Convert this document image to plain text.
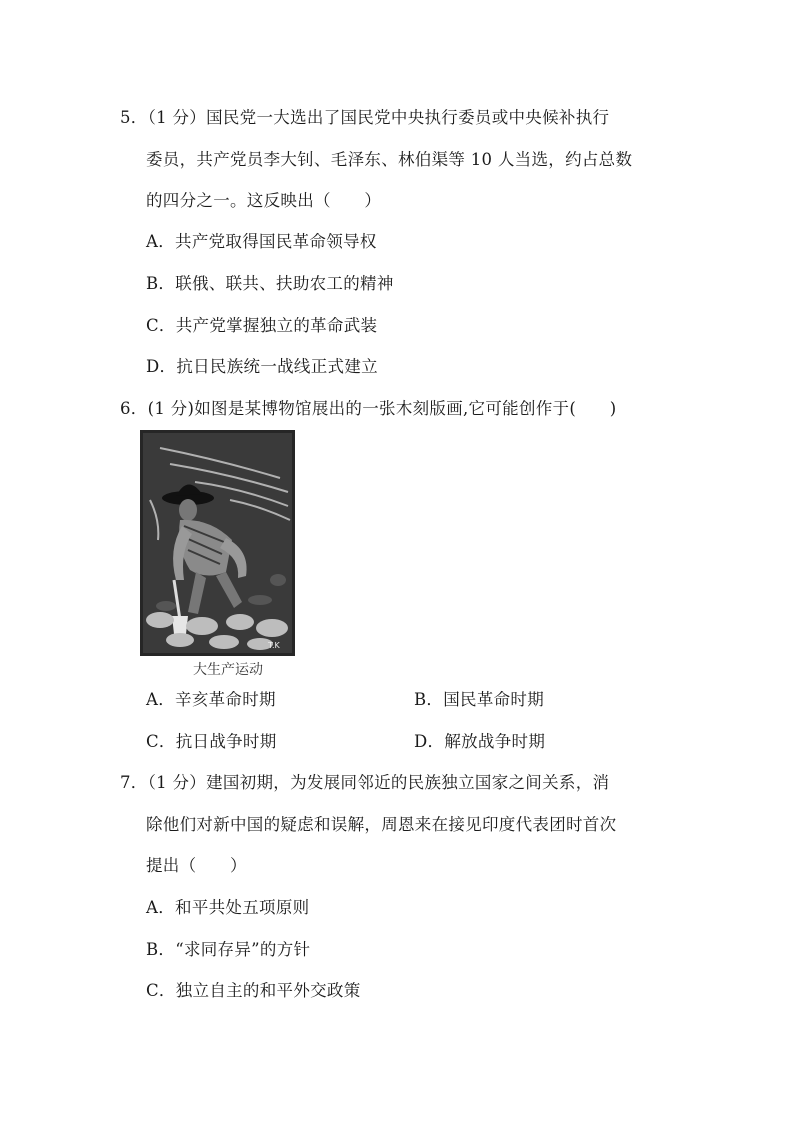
5．（1 分）国民党一大选出了国民党中央执行委员或中央候补执行
委员，共产党员李大钊、毛泽东、林伯渠等 10 人当选，约占总数
的四分之一。这反映出（　　）
A．共产党取得国民革命领导权
B．联俄、联共、扶助农工的精神
C．共产党掌握独立的革命武装
D．抗日民族统一战线正式建立
6．(1 分)如图是某博物馆展出的一张木刻版画,它可能创作于(　　)
T.K
大生产运动
A．辛亥革命时期	B．国民革命时期
C．抗日战争时期	D．解放战争时期
7．（1 分）建国初期，为发展同邻近的民族独立国家之间关系，消
除他们对新中国的疑虑和误解，周恩来在接见印度代表团时首次
提出（　　）
A．和平共处五项原则
B．“求同存异”的方针
C．独立自主的和平外交政策
